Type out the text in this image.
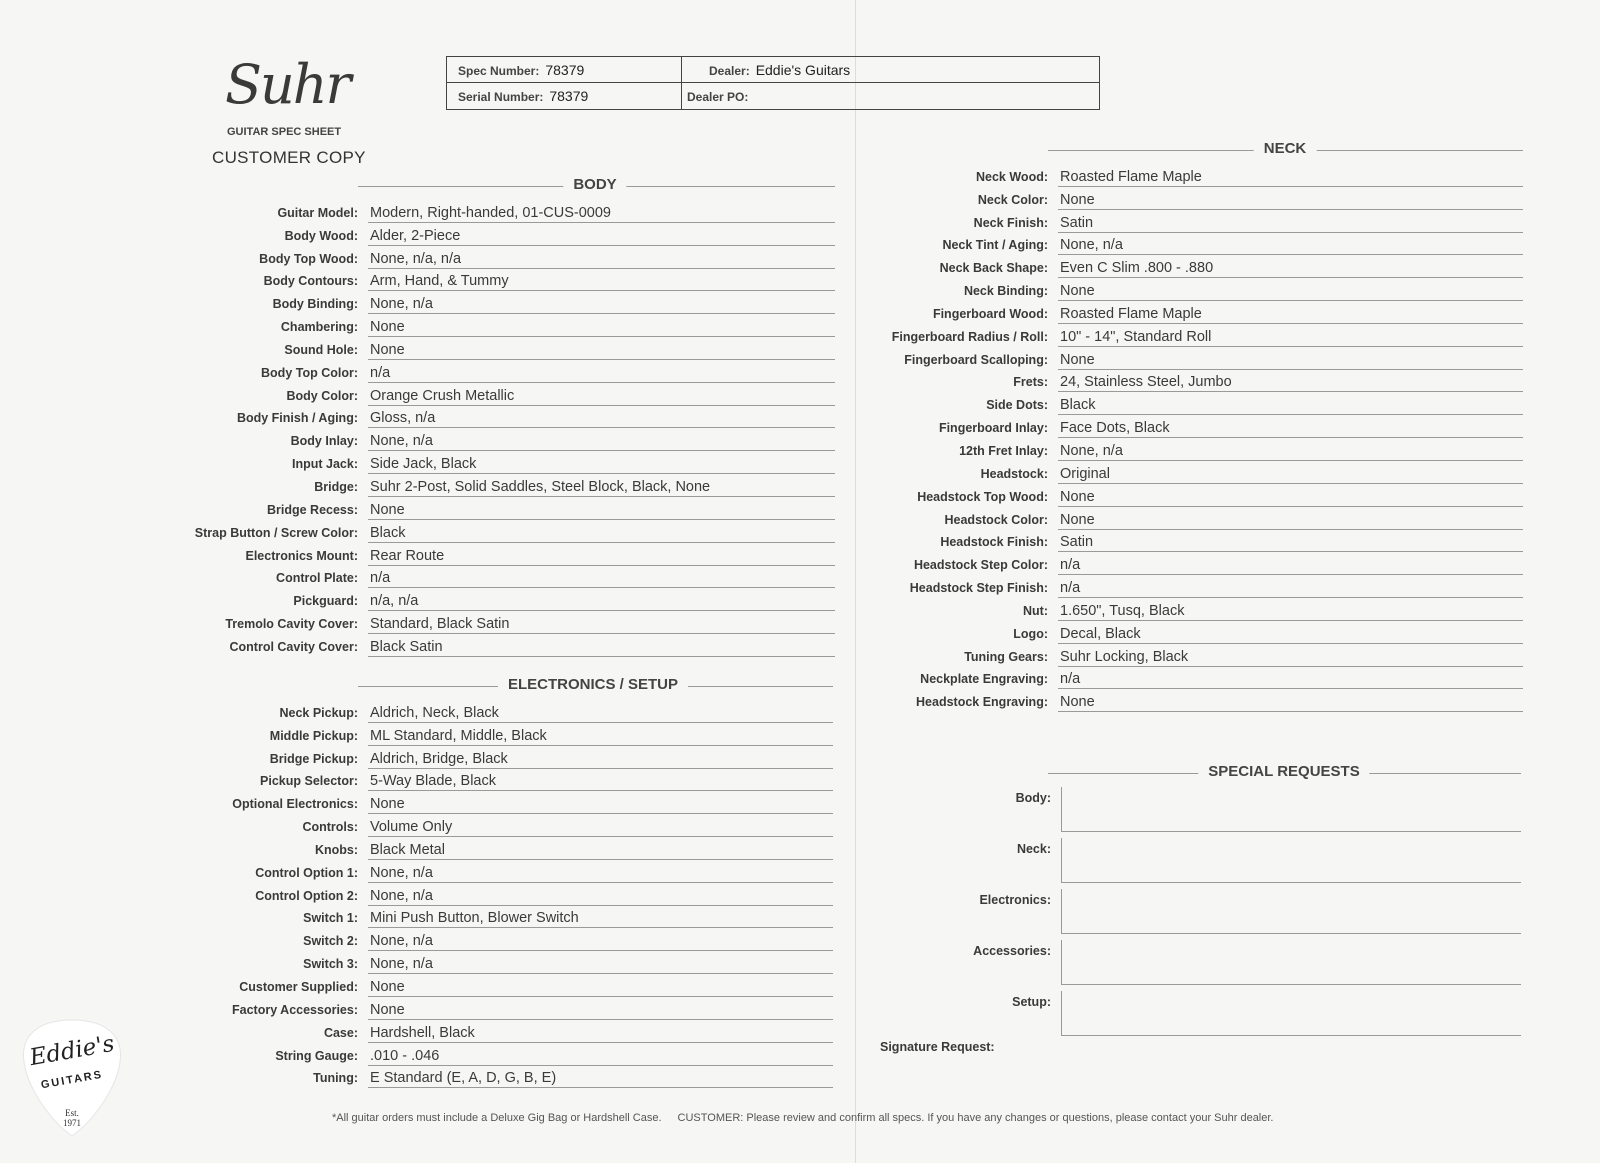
Suhr
GUITAR SPEC SHEET
CUSTOMER COPY
Spec Number: 78379
Serial Number: 78379
Dealer: Eddie's Guitars
Dealer PO:
BODY
Guitar Model: Modern, Right-handed, 01-CUS-0009
Body Wood: Alder, 2-Piece
Body Top Wood: None, n/a, n/a
Body Contours: Arm, Hand, & Tummy
Body Binding: None, n/a
Chambering: None
Sound Hole: None
Body Top Color: n/a
Body Color: Orange Crush Metallic
Body Finish / Aging: Gloss, n/a
Body Inlay: None, n/a
Input Jack: Side Jack, Black
Bridge: Suhr 2-Post, Solid Saddles, Steel Block, Black, None
Bridge Recess: None
Strap Button / Screw Color: Black
Electronics Mount: Rear Route
Control Plate: n/a
Pickguard: n/a, n/a
Tremolo Cavity Cover: Standard, Black Satin
Control Cavity Cover: Black Satin
ELECTRONICS / SETUP
Neck Pickup: Aldrich, Neck, Black
Middle Pickup: ML Standard, Middle, Black
Bridge Pickup: Aldrich, Bridge, Black
Pickup Selector: 5-Way Blade, Black
Optional Electronics: None
Controls: Volume Only
Knobs: Black Metal
Control Option 1: None, n/a
Control Option 2: None, n/a
Switch 1: Mini Push Button, Blower Switch
Switch 2: None, n/a
Switch 3: None, n/a
Customer Supplied: None
Factory Accessories: None
Case: Hardshell, Black
String Gauge: .010 - .046
Tuning: E Standard (E, A, D, G, B, E)
NECK
Neck Wood: Roasted Flame Maple
Neck Color: None
Neck Finish: Satin
Neck Tint / Aging: None, n/a
Neck Back Shape: Even C Slim .800 - .880
Neck Binding: None
Fingerboard Wood: Roasted Flame Maple
Fingerboard Radius / Roll: 10" - 14", Standard Roll
Fingerboard Scalloping: None
Frets: 24, Stainless Steel, Jumbo
Side Dots: Black
Fingerboard Inlay: Face Dots, Black
12th Fret Inlay: None, n/a
Headstock: Original
Headstock Top Wood: None
Headstock Color: None
Headstock Finish: Satin
Headstock Step Color: n/a
Headstock Step Finish: n/a
Nut: 1.650", Tusq, Black
Logo: Decal, Black
Tuning Gears: Suhr Locking, Black
Neckplate Engraving: n/a
Headstock Engraving: None
SPECIAL REQUESTS
Body:
Neck:
Electronics:
Accessories:
Setup:
Signature Request:
*All guitar orders must include a Deluxe Gig Bag or Hardshell Case. CUSTOMER: Please review and confirm all specs. If you have any changes or questions, please contact your Suhr dealer.
Eddie's
GUITARS
Est.
1971
